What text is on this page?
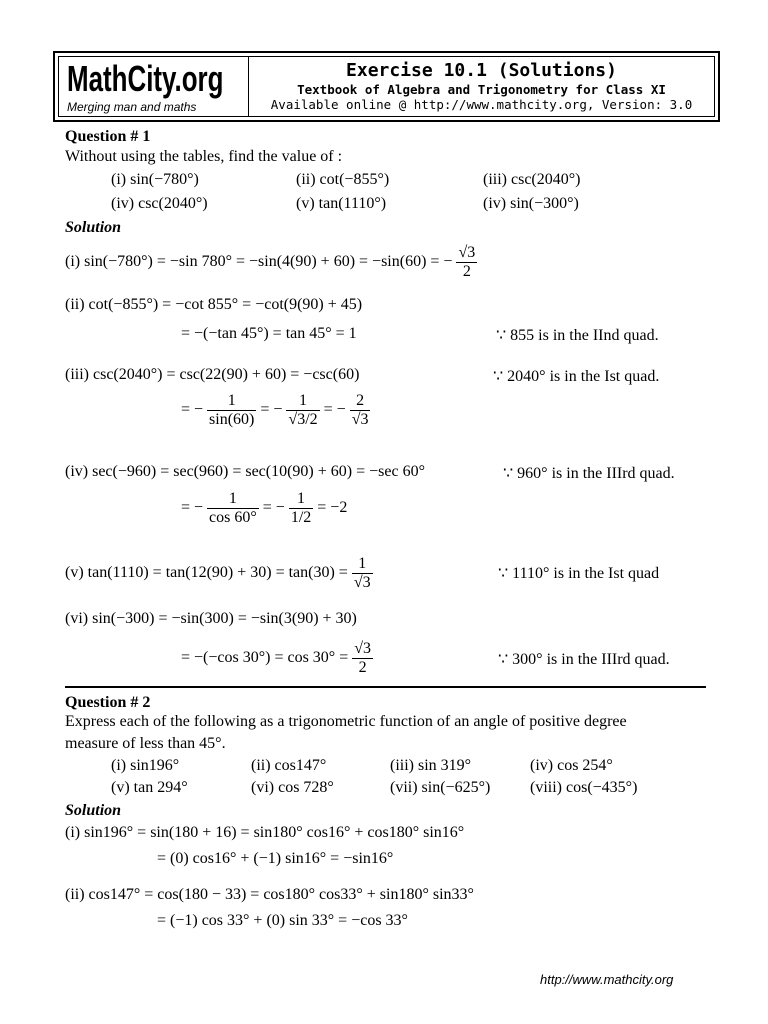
MathCity.org
Merging man and maths
Exercise 10.1 (Solutions)
Textbook of Algebra and Trigonometry for Class XI
Available online @ http://www.mathcity.org, Version: 3.0
Question # 1
Without using the tables, find the value of :
(i) sin(−780°)	(ii) cot(−855°)	(iii) csc(2040°)
(iv) csc(2040°)	(v) tan(1110°)	(iv) sin(−300°)
Solution
(i) sin(−780°) = −sin 780° = −sin(4(90) + 60) = −sin(60) = − $\frac{√3}{2}$
(ii) cot(−855°) = −cot 855° = −cot(9(90) + 45)
= −(−tan 45°) = tan 45° = 1	∵ 855 is in the IInd quad.
(iii) csc(2040°) = csc(22(90) + 60) = −csc(60)	∵ 2040° is in the Ist quad.
= − $\frac{1}{\sin(60)}$ = − $\frac{1}{√3/2}$ = − $\frac{2}{√3}$
(iv) sec(−960) = sec(960) = sec(10(90) + 60) = −sec 60°	∵ 960° is in the IIIrd quad.
= − $\frac{1}{\cos 60^\circ}$ = − $\frac{1}{1/2} = -2$
(v) $\tan(1110) = \tan(12(90) + 30) = \tan(30) = \frac{1}{√3}$	∵ 1110° is in the Ist quad
(vi) sin(−300) = −sin(300) = −sin(3(90) + 30)
= −(−cos $30^\circ) = \cos 30^\circ = \frac{√3}{2}$	∵ 300° is in the IIIrd quad.
Question # 2
Express each of the following as a trigonometric function of an angle of positive degree
measure of less than 45°.
(i) sin196°	(ii) cos147°	(iii) sin 319°	(iv) cos 254°
(v) tan 294°	(vi) cos 728°	(vii) sin(−625°) (viii) cos(−435°)
Solution
(i) sin196° = sin(180 + 16) = sin180° cos16° + cos180° sin16°
= (0) cos16° + (−1) sin16° = −sin16°
(ii) cos147° = cos(180 − 33) = cos180° cos33° + sin180° sin33°
= (−1) cos 33° + (0) sin 33° = −cos 33°
http://www.mathcity.org
